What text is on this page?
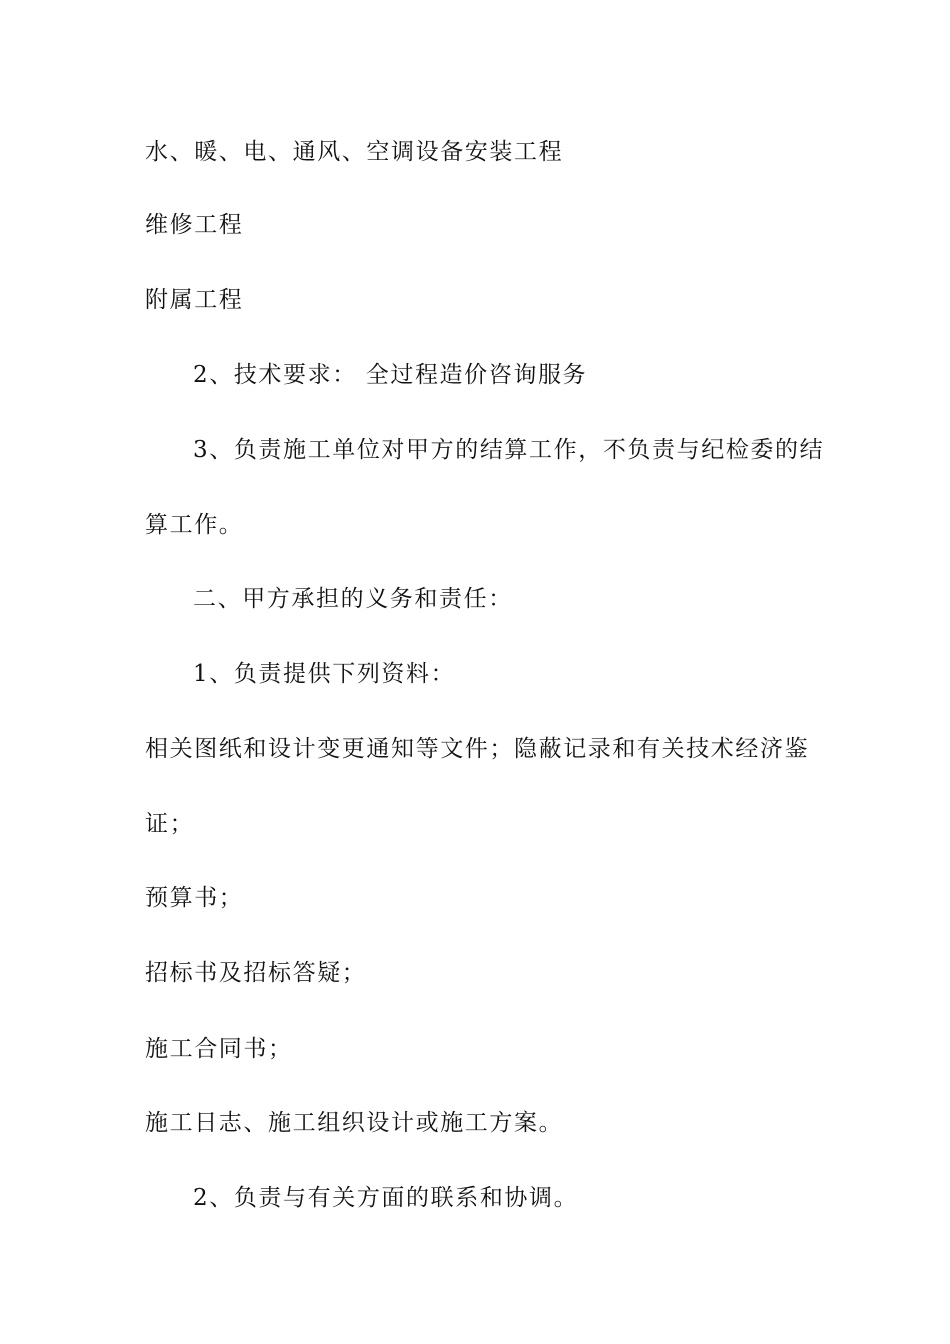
水、暖、电、通风、空调设备安装工程
维修工程
附属工程
2、技术要求： 全过程造价咨询服务
3、负责施工单位对甲方的结算工作，不负责与纪检委的结
算工作。
二、甲方承担的义务和责任：
1、负责提供下列资料：
相关图纸和设计变更通知等文件；隐蔽记录和有关技术经济鉴
证；
预算书；
招标书及招标答疑；
施工合同书；
施工日志、施工组织设计或施工方案。
2、负责与有关方面的联系和协调。
